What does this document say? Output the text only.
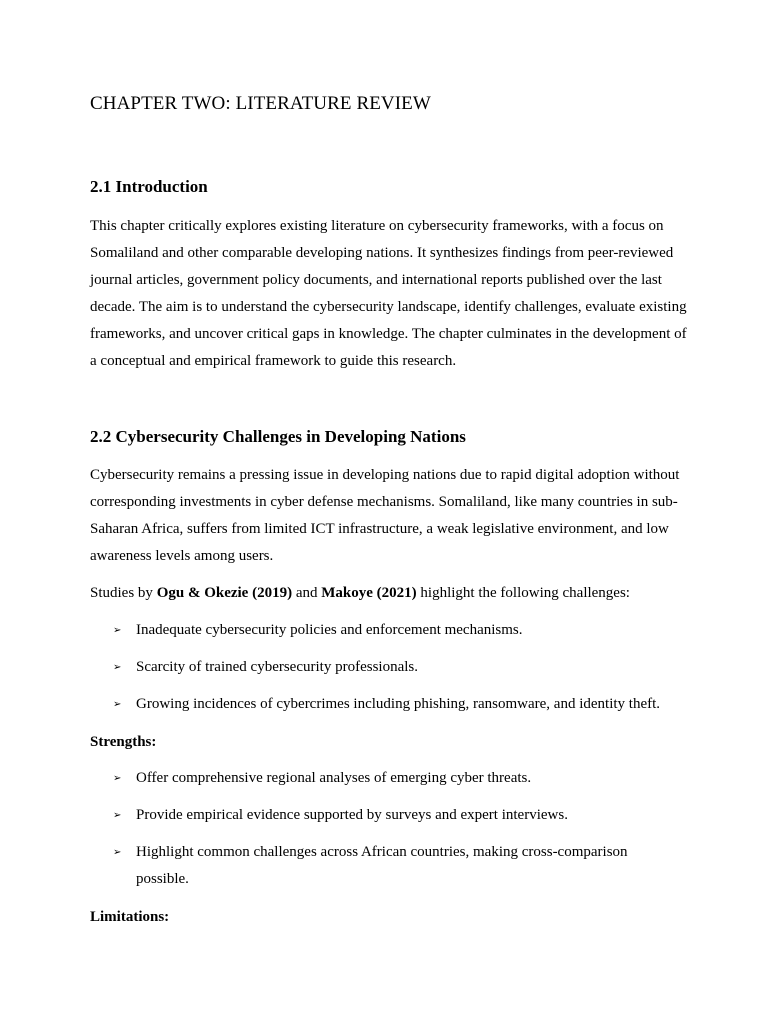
CHAPTER TWO: LITERATURE REVIEW
2.1 Introduction

This chapter critically explores existing literature on cybersecurity frameworks, with a focus on Somaliland and other comparable developing nations. It synthesizes findings from peer-reviewed journal articles, government policy documents, and international reports published over the last decade. The aim is to understand the cybersecurity landscape, identify challenges, evaluate existing frameworks, and uncover critical gaps in knowledge. The chapter culminates in the development of a conceptual and empirical framework to guide this research.

2.2 Cybersecurity Challenges in Developing Nations

Cybersecurity remains a pressing issue in developing nations due to rapid digital adoption without corresponding investments in cyber defense mechanisms. Somaliland, like many countries in sub-Saharan Africa, suffers from limited ICT infrastructure, a weak legislative environment, and low awareness levels among users.

Studies by Ogu & Okezie (2019) and Makoye (2021) highlight the following challenges:

➢ Inadequate cybersecurity policies and enforcement mechanisms.
➢ Scarcity of trained cybersecurity professionals.
➢ Growing incidences of cybercrimes including phishing, ransomware, and identity theft.

Strengths:

➢ Offer comprehensive regional analyses of emerging cyber threats.
➢ Provide empirical evidence supported by surveys and expert interviews.
➢ Highlight common challenges across African countries, making cross-comparison possible.

Limitations:
